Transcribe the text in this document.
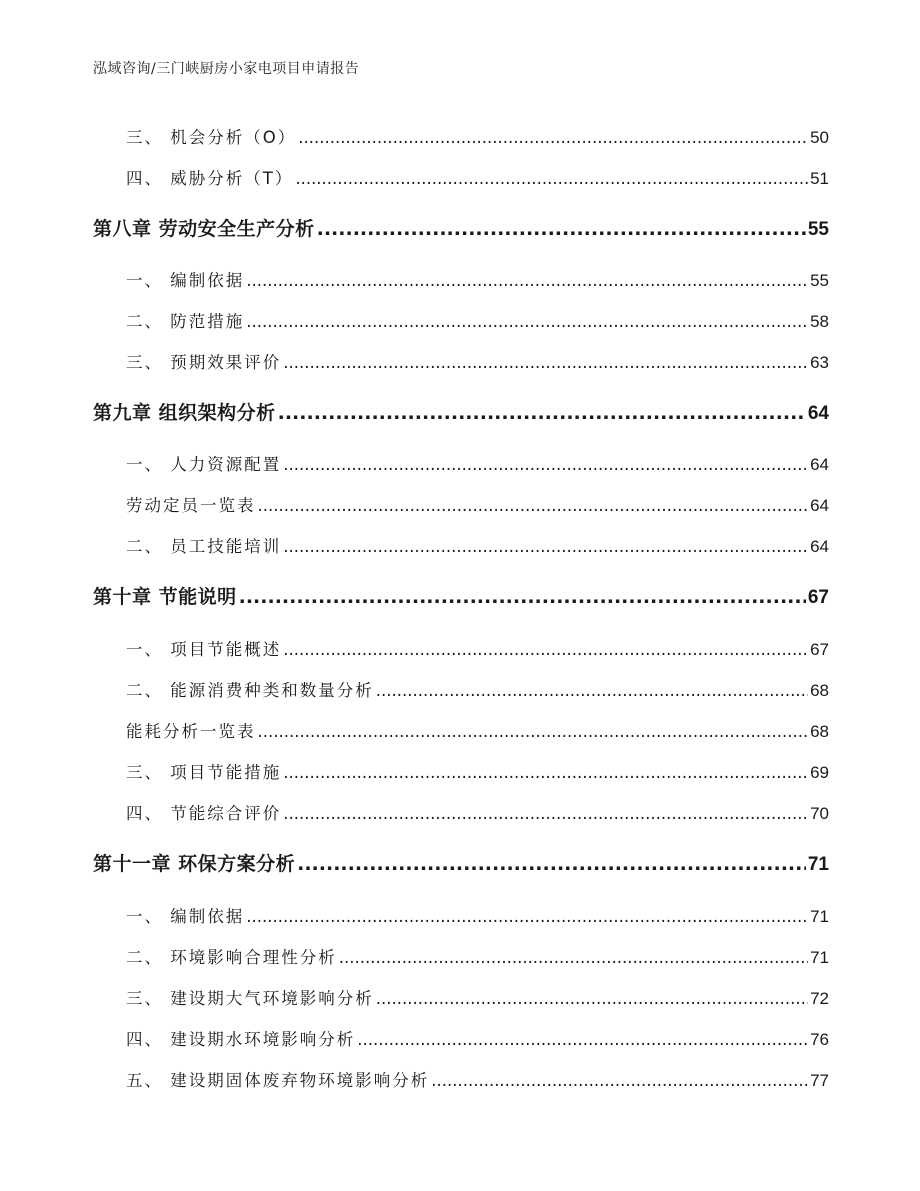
泓域咨询/三门峡厨房小家电项目申请报告
三、 机会分析（O） .....	50
四、 威胁分析（T） .....	51
第八章 劳动安全生产分析 .....	55
一、 编制依据 .....	55
二、 防范措施 .....	58
三、 预期效果评价 .....	63
第九章 组织架构分析 .....	64
一、 人力资源配置 .....	64
劳动定员一览表 .....	64
二、 员工技能培训 .....	64
第十章 节能说明 .....	67
一、 项目节能概述 .....	67
二、 能源消费种类和数量分析 .....	68
能耗分析一览表 .....	68
三、 项目节能措施 .....	69
四、 节能综合评价 .....	70
第十一章 环保方案分析 .....	71
一、 编制依据 .....	71
二、 环境影响合理性分析 .....	71
三、 建设期大气环境影响分析 .....	72
四、 建设期水环境影响分析 .....	76
五、 建设期固体废弃物环境影响分析 .....	77
